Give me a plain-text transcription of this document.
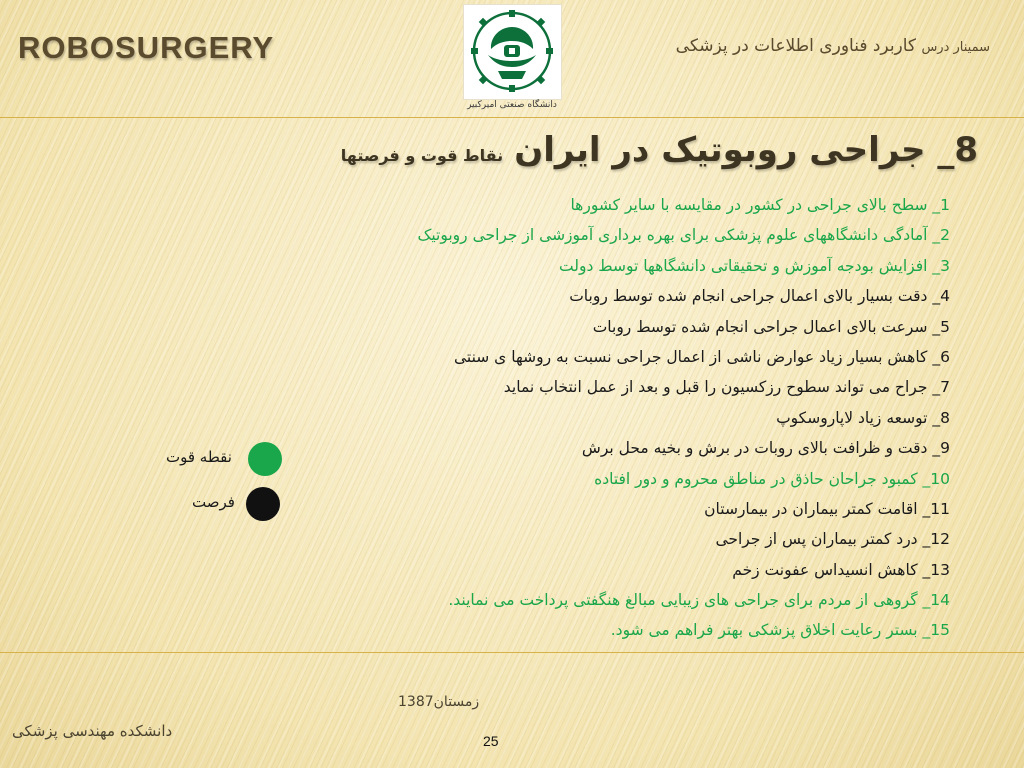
ROBOSURGERY	سمینار درس کاربرد فناوری اطلاعات در پزشکی
دانشگاه صنعتی امیرکبیر
8_ جراحی روبوتیک در ایران نقاط قوت و فرصتها
1_ سطح بالای جراحی در کشور در مقایسه با سایر کشورها
2_ آمادگی دانشگاههای علوم پزشکی برای بهره برداری آموزشی از جراحی روبوتیک
3_ افزایش بودجه آموزش و تحقیقاتی دانشگاهها توسط دولت
4_ دقت بسیار بالای اعمال جراحی انجام شده توسط روبات
5_ سرعت بالای اعمال جراحی انجام شده توسط روبات
6_ کاهش بسیار زیاد عوارض ناشی از اعمال جراحی نسبت به روشها ی سنتی
7_ جراح می تواند سطوح رزکسیون را قبل و بعد از عمل انتخاب نماید
8_ توسعه زیاد لاپاروسکوپ
9_ دقت و ظرافت بالای روبات در برش و بخیه محل برش
10_ کمبود جراحان حاذق در مناطق محروم و دور افتاده
11_ اقامت کمتر بیماران در بیمارستان
12_ درد کمتر بیماران پس از جراحی
13_ کاهش انسیداس عفونت زخم
14_ گروهی از مردم برای جراحی های زیبایی مبالغ هنگفتی پرداخت می نمایند.
15_ بستر رعایت اخلاق پزشکی بهتر فراهم می شود.
نقطه قوت
فرصت
زمستان1387
دانشکده مهندسی پزشکی
25
